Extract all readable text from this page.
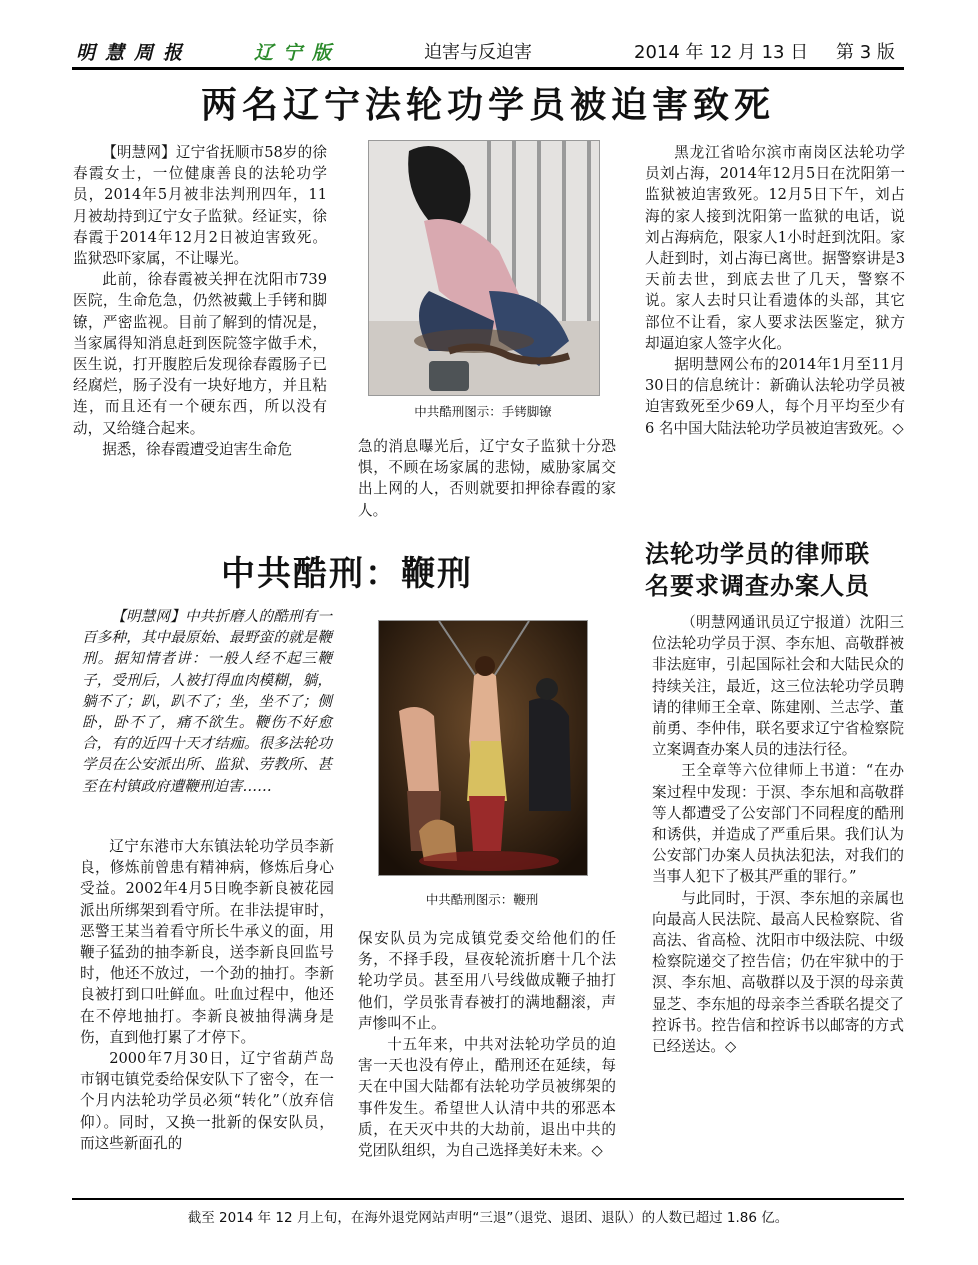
明慧周报	辽宁版	迫害与反迫害	2014 年 12 月 13 日 第 3 版
两名辽宁法轮功学员被迫害致死

【明慧网】辽宁省抚顺市58岁的徐春霞女士，一位健康善良的法轮功学员，2014年5月被非法判刑四年，11月被劫持到辽宁女子监狱。经证实，徐春霞于2014年12月2日被迫害致死。监狱恐吓家属，不让曝光。

此前，徐春霞被关押在沈阳市739医院，生命危急，仍然被戴上手铐和脚镣，严密监视。目前了解到的情况是，当家属得知消息赶到医院签字做手术，医生说，打开腹腔后发现徐春霞肠子已经腐烂，肠子没有一块好地方，并且粘连，而且还有一个硬东西，所以没有动，又给缝合起来。

据悉，徐春霞遭受迫害生命危

中共酷刑图示：手铐脚镣

急的消息曝光后，辽宁女子监狱十分恐惧，不顾在场家属的悲恸，威胁家属交出上网的人，否则就要扣押徐春霞的家人。

黑龙江省哈尔滨市南岗区法轮功学员刘占海，2014年12月5日在沈阳第一监狱被迫害致死。12月5日下午，刘占海的家人接到沈阳第一监狱的电话，说刘占海病危，限家人1小时赶到沈阳。家人赶到时，刘占海已离世。据警察讲是3天前去世，到底去世了几天，警察不说。家人去时只让看遗体的头部，其它部位不让看，家人要求法医鉴定，狱方却逼迫家人签字火化。

据明慧网公布的2014年1月至11月30日的信息统计：新确认法轮功学员被迫害致死至少69人，每个月平均至少有 6 名中国大陆法轮功学员被迫害致死。◇

中共酷刑：鞭刑

【明慧网】中共折磨人的酷刑有一百多种，其中最原始、最野蛮的就是鞭刑。据知情者讲：一般人经不起三鞭子，受刑后，人被打得血肉模糊，躺，躺不了；趴，趴不了；坐，坐不了；侧卧，卧不了，痛不欲生。鞭伤不好愈合，有的近四十天才结痂。很多法轮功学员在公安派出所、监狱、劳教所、甚至在村镇政府遭鞭刑迫害……

辽宁东港市大东镇法轮功学员李新良，修炼前曾患有精神病，修炼后身心受益。2002年4月5日晚李新良被花园派出所绑架到看守所。在非法提审时，恶警王某当着看守所长牛承义的面，用鞭子猛劲的抽李新良，送李新良回监号时，他还不放过，一个劲的抽打。李新良被打到口吐鲜血。吐血过程中，他还在不停地抽打。李新良被抽得满身是伤，直到他打累了才停下。

2000年7月30日，辽宁省葫芦岛市钢屯镇党委给保安队下了密令，在一个月内法轮功学员必须“转化”（放弃信仰）。同时，又换一批新的保安队员，而这些新面孔的

中共酷刑图示：鞭刑

保安队员为完成镇党委交给他们的任务，不择手段，昼夜轮流折磨十几个法轮功学员。甚至用八号线做成鞭子抽打他们，学员张青春被打的满地翻滚，声声惨叫不止。

十五年来，中共对法轮功学员的迫害一天也没有停止，酷刑还在延续，每天在中国大陆都有法轮功学员被绑架的事件发生。希望世人认清中共的邪恶本质，在天灭中共的大劫前，退出中共的党团队组织，为自己选择美好未来。◇

法轮功学员的律师联
名要求调查办案人员

（明慧网通讯员辽宁报道）沈阳三位法轮功学员于溟、李东旭、高敬群被非法庭审，引起国际社会和大陆民众的持续关注，最近，这三位法轮功学员聘请的律师王全章、陈建刚、兰志学、董前勇、李仲伟，联名要求辽宁省检察院立案调查办案人员的违法行径。

王全章等六位律师上书道：“在办案过程中发现：于溟、李东旭和高敬群等人都遭受了公安部门不同程度的酷刑和诱供，并造成了严重后果。我们认为公安部门办案人员执法犯法，对我们的当事人犯下了极其严重的罪行。”

与此同时，于溟、李东旭的亲属也向最高人民法院、最高人民检察院、省高法、省高检、沈阳市中级法院、中级检察院递交了控告信；仍在牢狱中的于溟、李东旭、高敬群以及于溟的母亲黄显芝、李东旭的母亲李兰香联名提交了控诉书。控告信和控诉书以邮寄的方式已经送达。◇

截至 2014 年 12 月上旬，在海外退党网站声明“三退”（退党、退团、退队）的人数已超过 1.86 亿。
